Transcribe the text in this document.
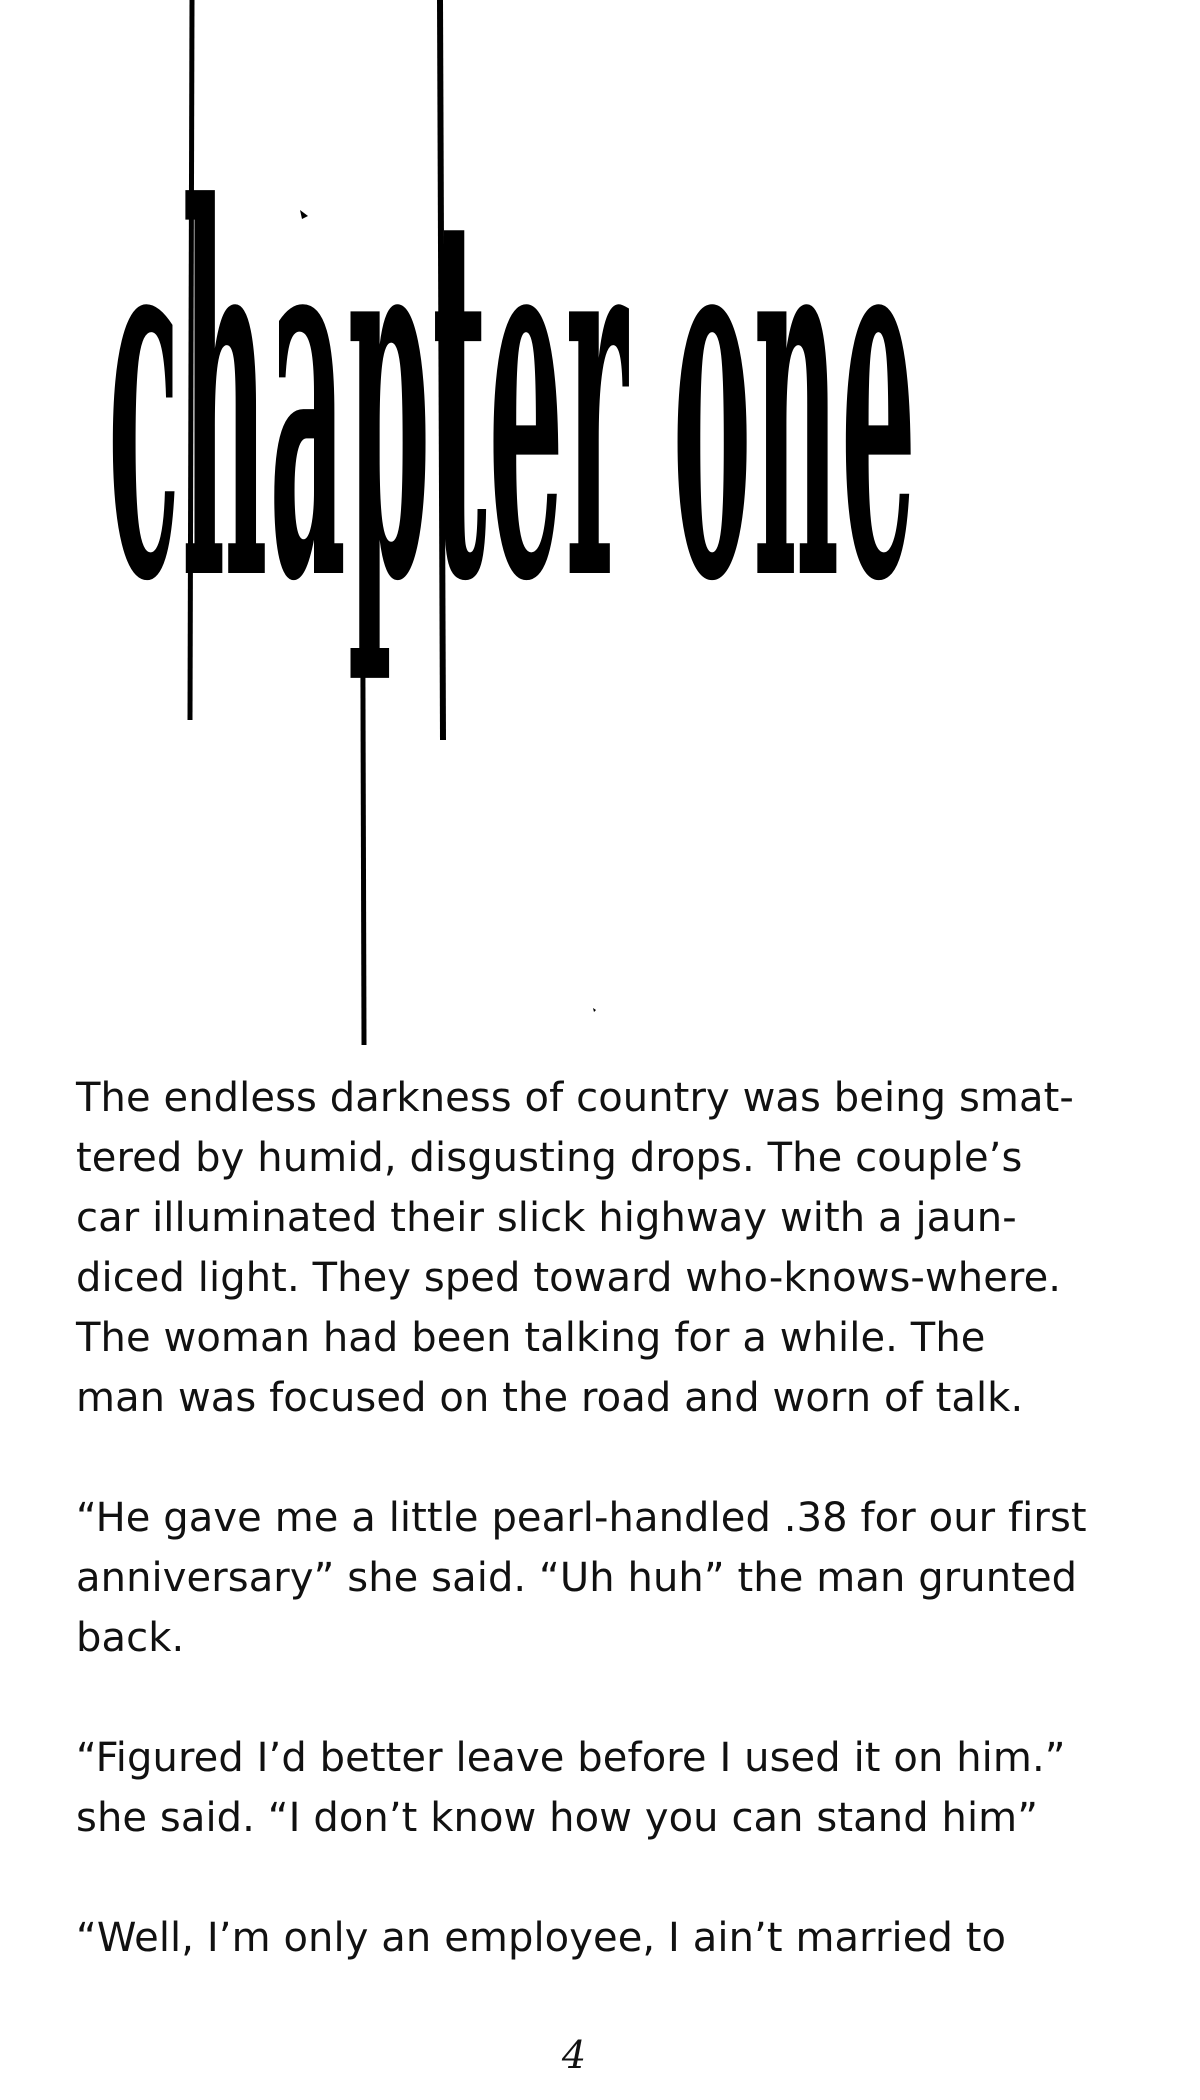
chapter one

The endless darkness of country was being smat-
tered by humid, disgusting drops. The couple’s
car illuminated their slick highway with a jaun-
diced light. They sped toward who-knows-where.
The woman had been talking for a while. The
man was focused on the road and worn of talk.

“He gave me a little pearl-handled .38 for our first
anniversary” she said. “Uh huh” the man grunted
back.

“Figured I’d better leave before I used it on him.”
she said. “I don’t know how you can stand him”

“Well, I’m only an employee, I ain’t married to

4
